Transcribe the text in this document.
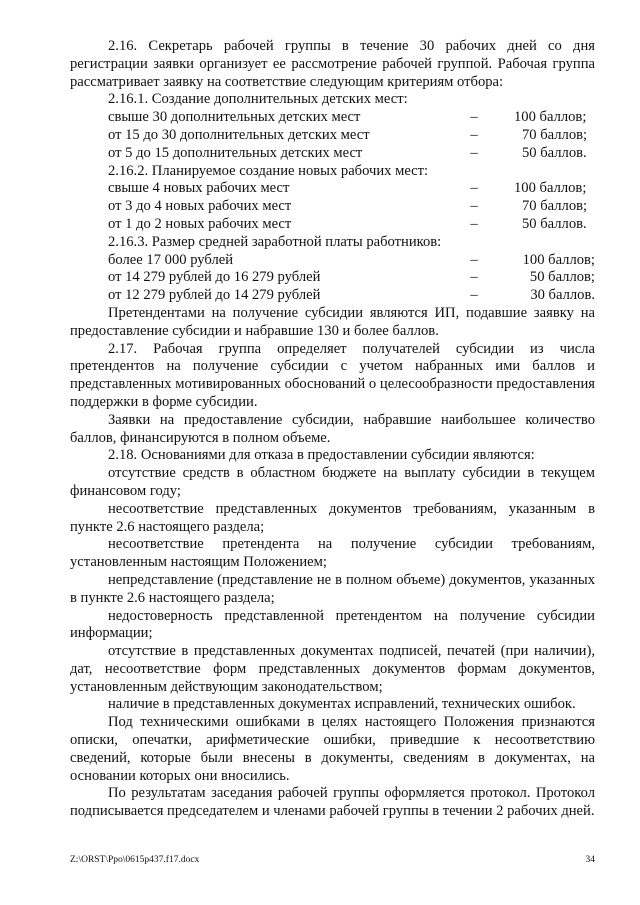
2.16. Секретарь рабочей группы в течение 30 рабочих дней со дня регистрации заявки организует ее рассмотрение рабочей группой. Рабочая группа рассматривает заявку на соответствие следующим критериям отбора:

2.16.1. Создание дополнительных детских мест:

свыше 30 дополнительных детских мест	–	100 баллов;
от 15 до 30 дополнительных детских мест	–	70 баллов;
от 5 до 15 дополнительных детских мест	–	50 баллов.

2.16.2. Планируемое создание новых рабочих мест:

свыше 4 новых рабочих мест	–	100 баллов;
от 3 до 4 новых рабочих мест	–	70 баллов;
от 1 до 2 новых рабочих мест	–	50 баллов.

2.16.3. Размер средней заработной платы работников:

более 17 000 рублей	–	100 баллов;
от 14 279 рублей до 16 279 рублей	–	50 баллов;
от 12 279 рублей до 14 279 рублей	–	30 баллов.

Претендентами на получение субсидии являются ИП, подавшие заявку на предоставление субсидии и набравшие 130 и более баллов.

2.17. Рабочая группа определяет получателей субсидии из числа претендентов на получение субсидии с учетом набранных ими баллов и представленных мотивированных обоснований о целесообразности предоставления поддержки в форме субсидии.

Заявки на предоставление субсидии, набравшие наибольшее количество баллов, финансируются в полном объеме.

2.18. Основаниями для отказа в предоставлении субсидии являются:

отсутствие средств в областном бюджете на выплату субсидии в текущем финансовом году;

несоответствие представленных документов требованиям, указанным в пункте 2.6 настоящего раздела;

несоответствие претендента на получение субсидии требованиям, установленным настоящим Положением;

непредставление (представление не в полном объеме) документов, указанных в пункте 2.6 настоящего раздела;

недостоверность представленной претендентом на получение субсидии информации;

отсутствие в представленных документах подписей, печатей (при наличии), дат, несоответствие форм представленных документов формам документов, установленным действующим законодательством;

наличие в представленных документах исправлений, технических ошибок.

Под техническими ошибками в целях настоящего Положения признаются описки, опечатки, арифметические ошибки, приведшие к несоответствию сведений, которые были внесены в документы, сведениям в документах, на основании которых они вносились.

По результатам заседания рабочей группы оформляется протокол. Протокол подписывается председателем и членами рабочей группы в течении 2 рабочих дней.

Z:\ORST\Ppo\0615p437.f17.docx	34
